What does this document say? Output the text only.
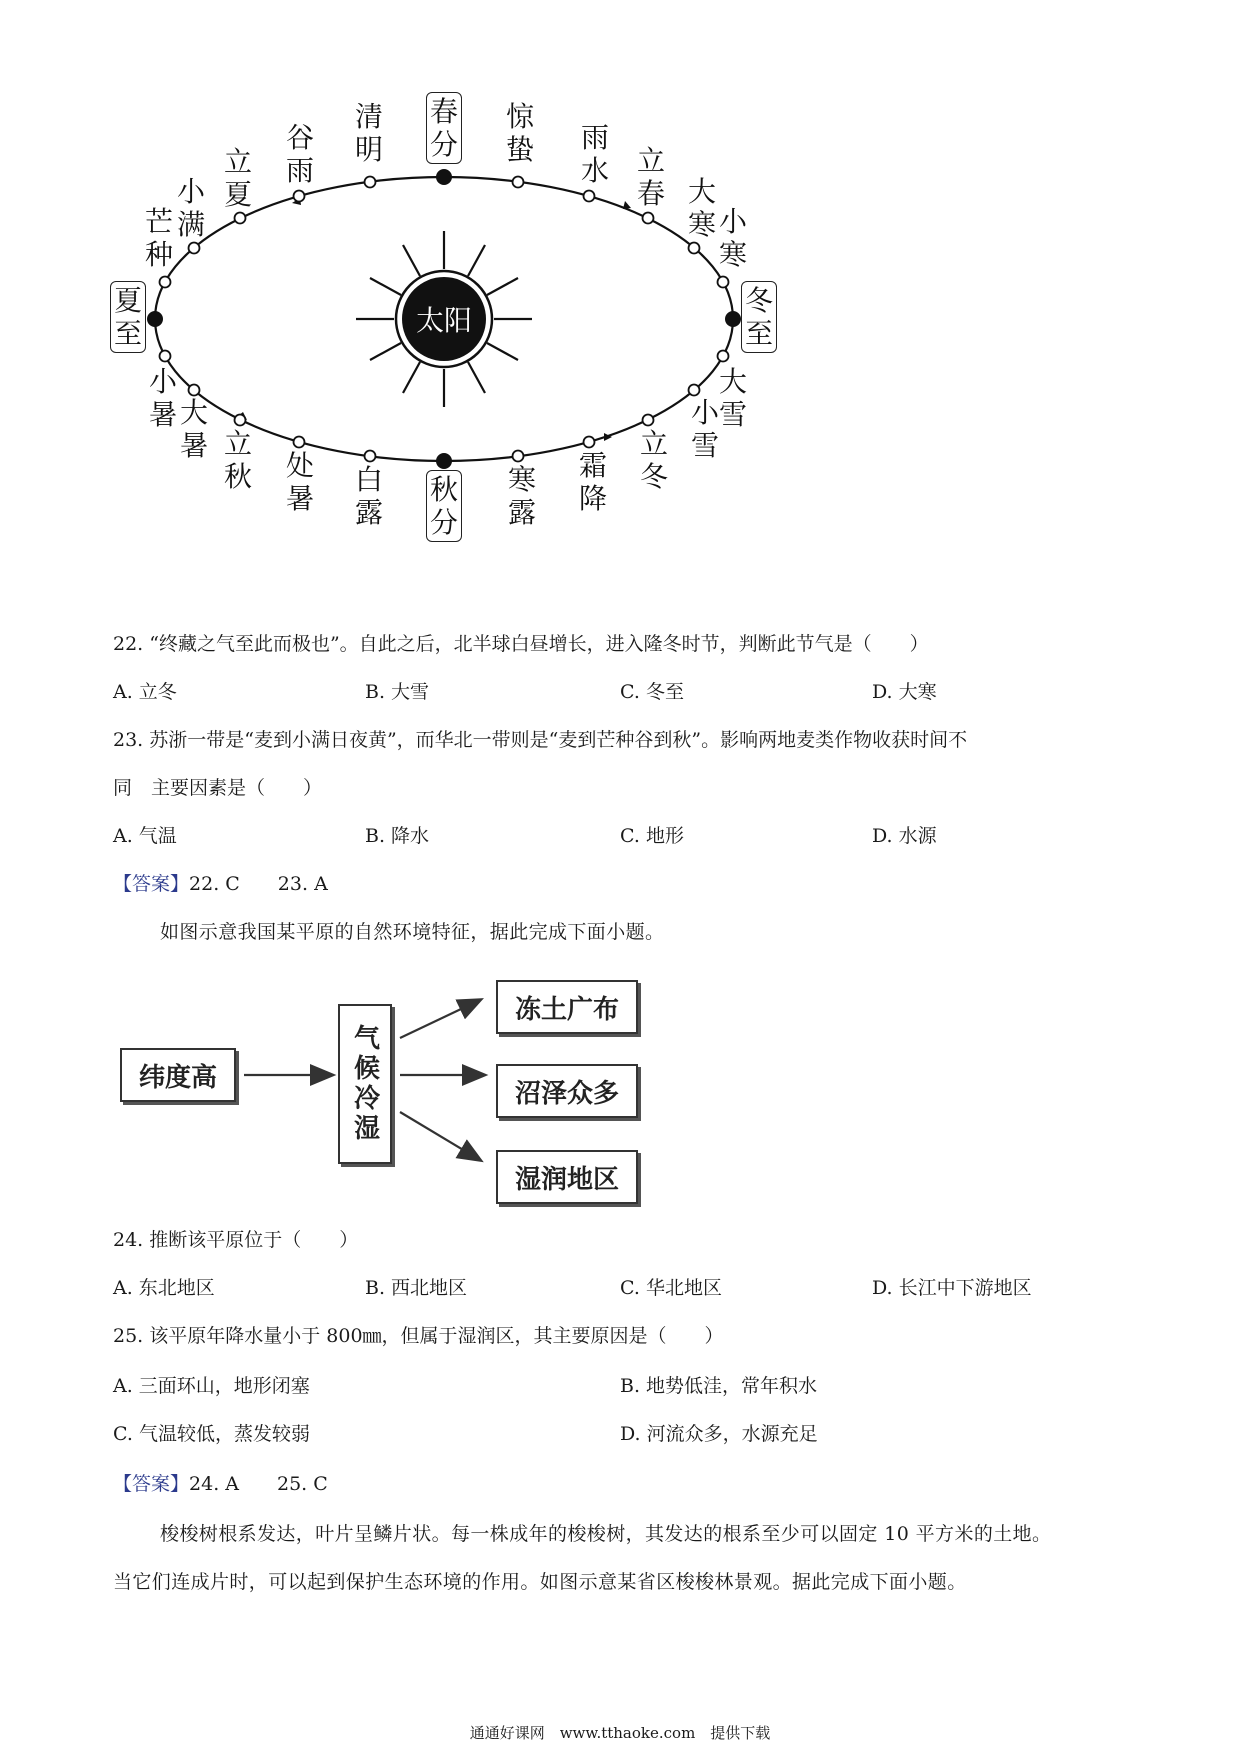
太阳
春分
惊蛰 雨水 立春 大寒 小寒
冬至
大雪
小雪
立冬
霜降
寒露
秋分
白露
处暑
立秋
大暑
小暑
夏至
芒种
小满
立夏
谷雨
清明
22. “终藏之气至此而极也”。自此之后，北半球白昼增长，进入隆冬时节，判断此节气是（　　）
A. 立冬	B. 大雪	C. 冬至	D. 大寒
23. 苏浙一带是“麦到小满日夜黄”，而华北一带则是“麦到芒种谷到秋”。影响两地麦类作物收获时间不
同　主要因素是（　　）
A. 气温	B. 降水	C. 地形	D. 水源
【答案】22. C　　23. A
如图示意我国某平原的自然环境特征，据此完成下面小题。
纬度高	气候冷湿
冻土广布
沼泽众多
湿润地区
24. 推断该平原位于（　　）
A. 东北地区	B. 西北地区	C. 华北地区	D. 长江中下游地区
25. 该平原年降水量小于 800㎜，但属于湿润区，其主要原因是（　　）
A. 三面环山，地形闭塞	B. 地势低洼，常年积水
C. 气温较低，蒸发较弱	D. 河流众多，水源充足
【答案】24. A　　25. C
梭梭树根系发达，叶片呈鳞片状。每一株成年的梭梭树，其发达的根系至少可以固定 10 平方米的土地。
当它们连成片时，可以起到保护生态环境的作用。如图示意某省区梭梭林景观。据此完成下面小题。
通通好课网　www.tthaoke.com　提供下载
